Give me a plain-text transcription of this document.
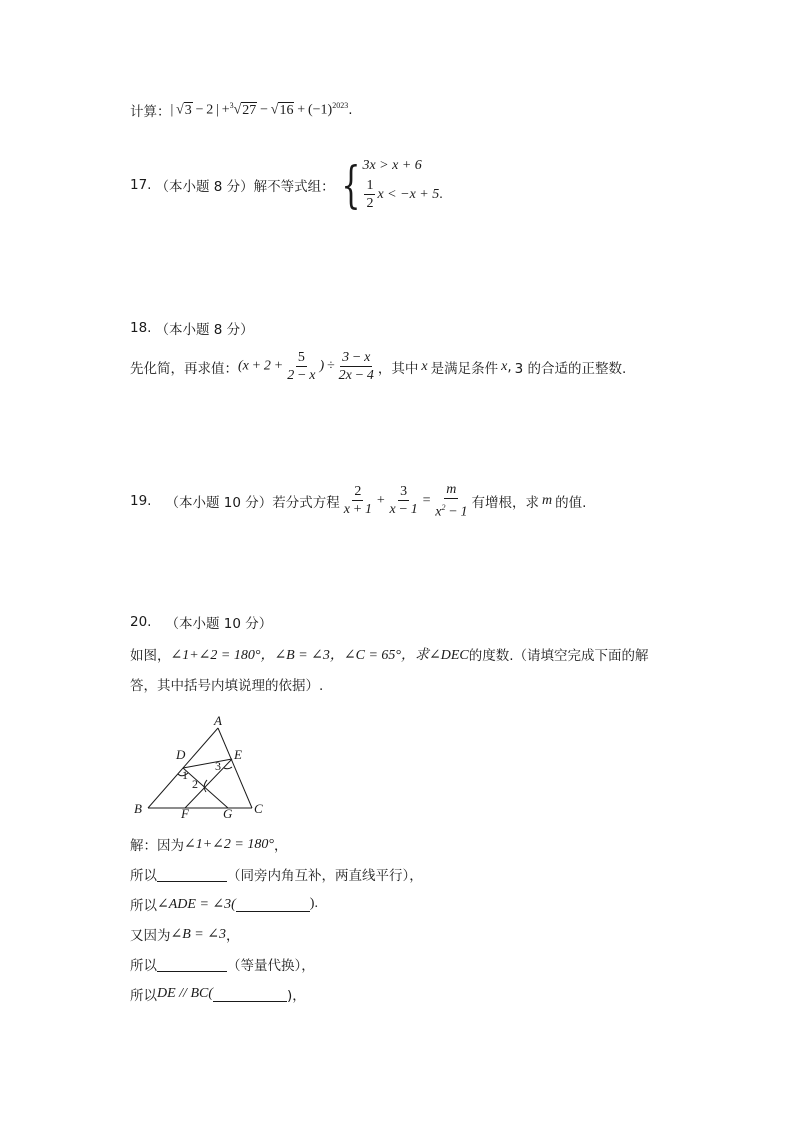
计算： | √3 − 2 | $+^3√27 - √16 + (-1)^{2023}$ .
17. （本小题 8 分） 解不等式组： { 3x > x + 6
$\frac{1}{2}$ x < −x + 5 .
18. （本小题 8 分）
先化简，再求值： ($x + 2 + \frac{5}{2 - x}$ ) ÷ $\frac{3 - x}{2x - 4}$ ，其中 x 是满足条件 x , 3 的合适的正整数.
19. （本小题 10 分） 若分式方程 $\frac{2}{x + 1} + \frac{3}{x - 1} = \frac{m}{x^2 - 1}$ 有增根，求 m 的值.
20. （本小题 10 分）
如图， ∠1+∠2 = 180°，∠B = ∠3，∠C = 65°，求∠DEC 的度数.（请填空完成下面的解
答，其中括号内填说理的依据）.
A
B	C
D	E
F	G
1
2
3
解：因为 ∠1+∠2 = 180° ，
所以	（同旁内角互补，两直线平行），
所以 ∠ADE = ∠3(	).
又因为 ∠B = ∠3 ，
所以	（等量代换），
所以 DE // BC(	)，
